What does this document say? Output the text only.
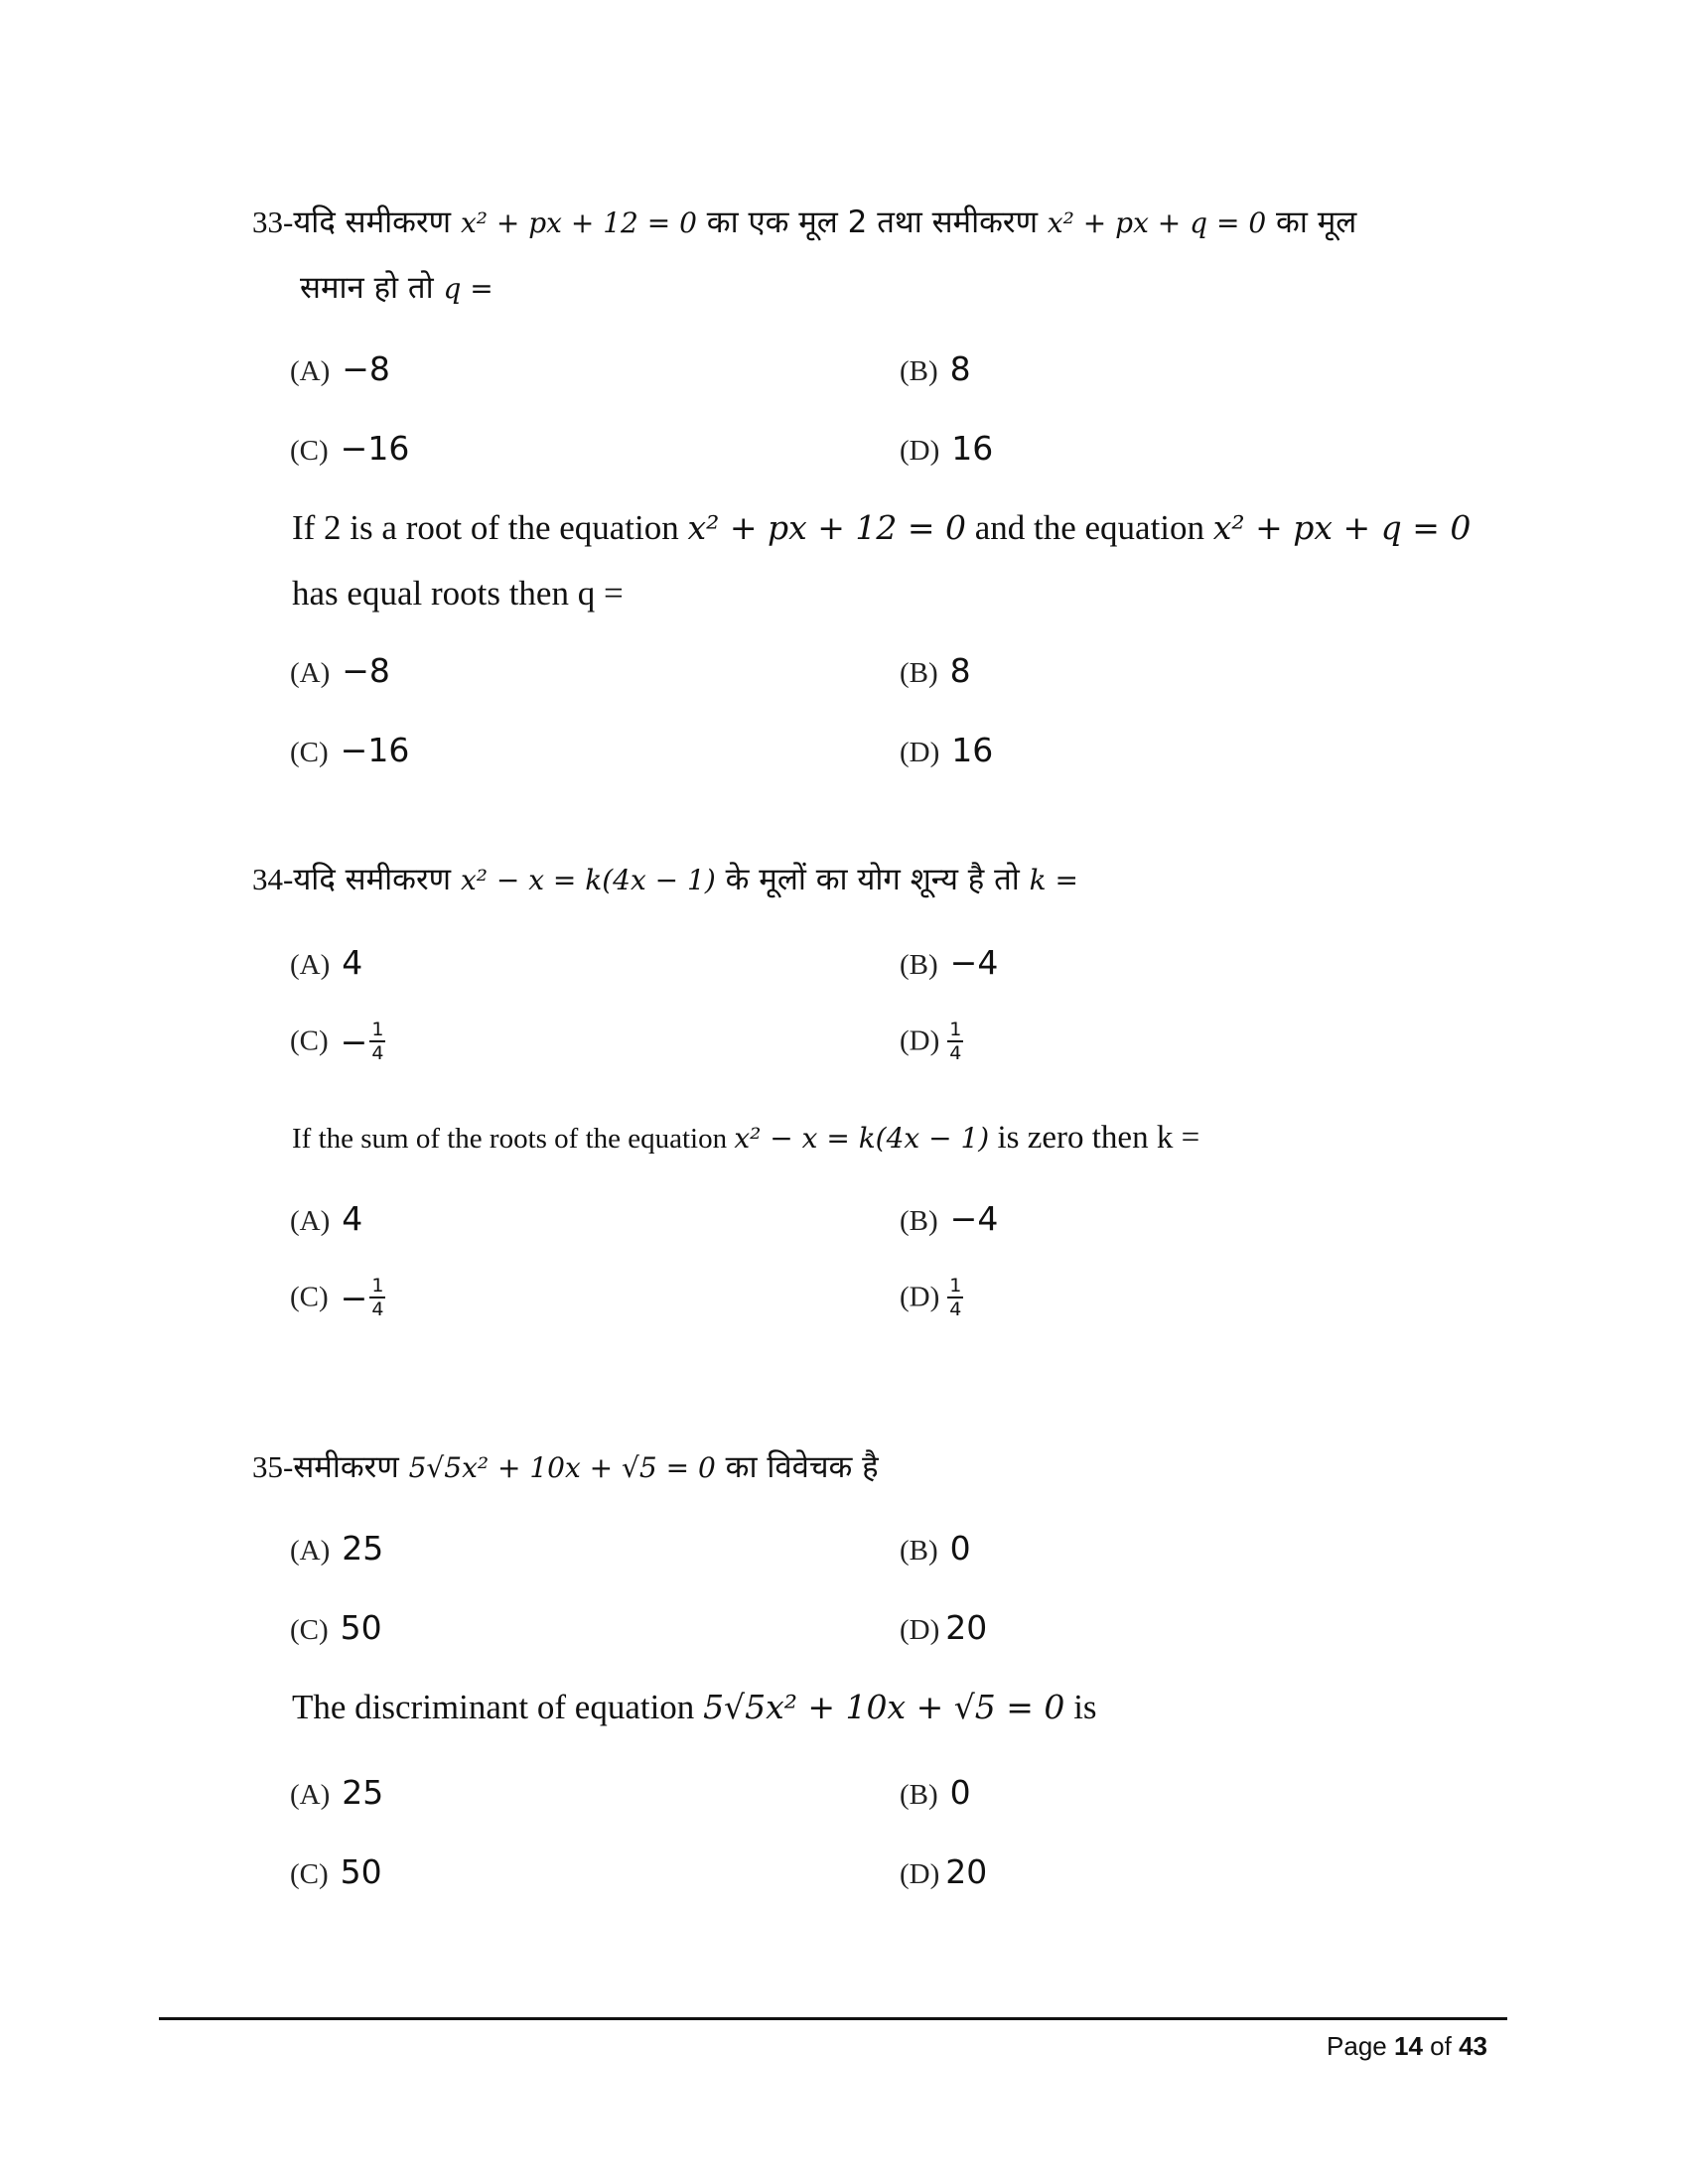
33-यदि समीकरण x² + px + 12 = 0 का एक मूल 2 तथा समीकरण x² + px + q = 0 का मूल
समान हो तो q =
(A) −8	(B) 8
(C) −16	(D) 16
If 2 is a root of the equation x² + px + 12 = 0 and the equation x² + px + q = 0
has equal roots then q =
(A) −8	(B) 8
(C) −16	(D) 16
34-यदि समीकरण x² − x = k(4x − 1) के मूलों का योग शून्य है तो k =
(A) 4	(B) −4
$(C) - \frac{1}{4}$	$(D) \frac{1}{4}$
If the sum of the roots of the equation x² − x = k(4x − 1) is zero then k =
(A) 4	(B) −4
$(C) - \frac{1}{4}$	$(D) \frac{1}{4}$
35-समीकरण 5√5x² + 10x + √5 = 0 का विवेचक है
(A) 25	(B) 0
(C) 50	(D) 20
The discriminant of equation 5√5x² + 10x + √5 = 0 is
(A) 25	(B) 0
(C) 50	(D) 20
Page 14 of 43
